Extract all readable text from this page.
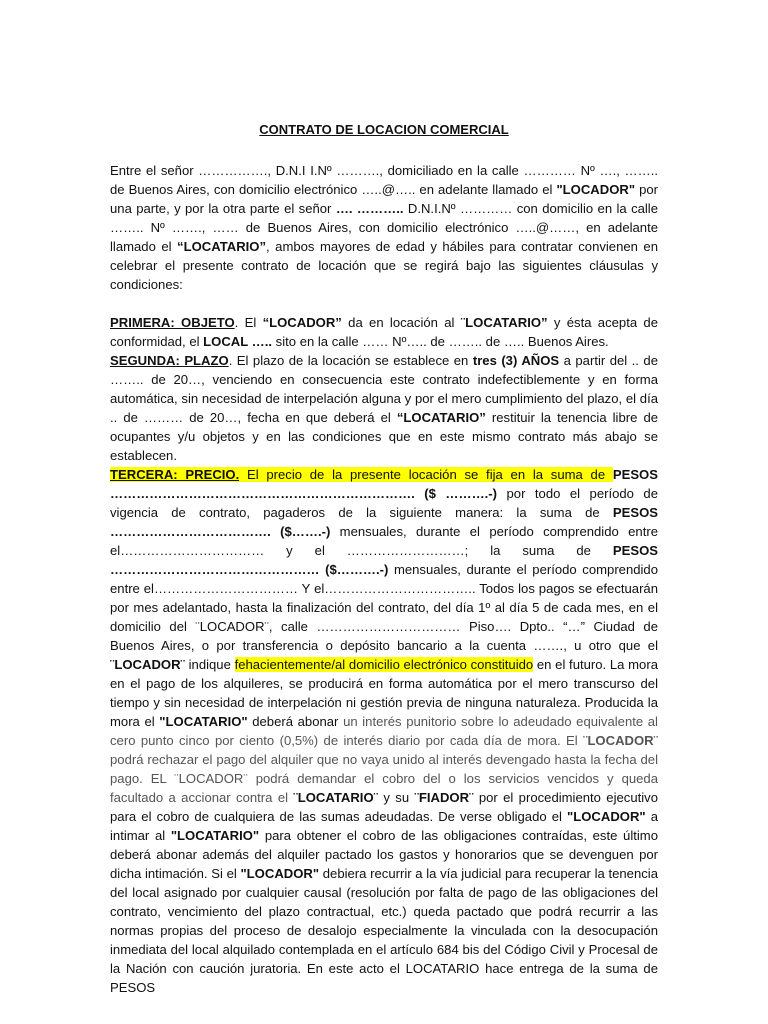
CONTRATO DE LOCACION COMERCIAL

Entre el señor ……………., D.N.I I.Nº ………., domiciliado en la calle ………… Nº …., …….. de Buenos Aires, con domicilio electrónico …..@….. en adelante llamado el "LOCADOR" por una parte, y por la otra parte el señor …. ……….. D.N.I.Nº ………… con domicilio en la calle …….. Nº ……., …… de Buenos Aires, con domicilio electrónico …..@……, en adelante llamado el “LOCATARIO”, ambos mayores de edad y hábiles para contratar convienen en celebrar el presente contrato de locación que se regirá bajo las siguientes cláusulas y condiciones:

PRIMERA: OBJETO. El “LOCADOR” da en locación al ¨LOCATARIO” y ésta acepta de conformidad, el LOCAL ….. sito en la calle …… Nº….. de …….. de ….. Buenos Aires.

SEGUNDA: PLAZO. El plazo de la locación se establece en tres (3) AÑOS a partir del .. de …….. de 20…, venciendo en consecuencia este contrato indefectiblemente y en forma automática, sin necesidad de interpelación alguna y por el mero cumplimiento del plazo, el día .. de ……… de 20…, fecha en que deberá el “LOCATARIO” restituir la tenencia libre de ocupantes y/u objetos y en las condiciones que en este mismo contrato más abajo se establecen.

TERCERA: PRECIO. El precio de la presente locación se fija en la suma de PESOS ……………………………………………………………. ($ ……….-) por todo el período de vigencia de contrato, pagaderos de la siguiente manera: la suma de PESOS ………………………………. ($…….-) mensuales, durante el período comprendido entre el…………………………… y el ………………………; la suma de PESOS ………………………………………… ($……….-) mensuales, durante el período comprendido entre el…………………………… Y el…………………………….. Todos los pagos se efectuarán por mes adelantado, hasta la finalización del contrato, del día 1º al día 5 de cada mes, en el domicilio del ¨LOCADOR¨, calle …………………………… Piso…. Dpto.. “…” Ciudad de Buenos Aires, o por transferencia o depósito bancario a la cuenta ……., u otro que el ¨LOCADOR¨ indique fehacientemente/al domicilio electrónico constituido en el futuro. La mora en el pago de los alquileres, se producirá en forma automática por el mero transcurso del tiempo y sin necesidad de interpelación ni gestión previa de ninguna naturaleza. Producida la mora el "LOCATARIO" deberá abonar un interés punitorio sobre lo adeudado equivalente al cero punto cinco por ciento (0,5%) de interés diario por cada día de mora. El ¨LOCADOR¨ podrá rechazar el pago del alquiler que no vaya unido al interés devengado hasta la fecha del pago. EL ¨LOCADOR¨ podrá demandar el cobro del o los servicios vencidos y queda facultado a accionar contra el ¨LOCATARIO¨ y su ¨FIADOR¨ por el procedimiento ejecutivo para el cobro de cualquiera de las sumas adeudadas. De verse obligado el "LOCADOR" a intimar al "LOCATARIO" para obtener el cobro de las obligaciones contraídas, este último deberá abonar además del alquiler pactado los gastos y honorarios que se devenguen por dicha intimación. Si el "LOCADOR" debiera recurrir a la vía judicial para recuperar la tenencia del local asignado por cualquier causal (resolución por falta de pago de las obligaciones del contrato, vencimiento del plazo contractual, etc.) queda pactado que podrá recurrir a las normas propias del proceso de desalojo especialmente la vinculada con la desocupación inmediata del local alquilado contemplada en el artículo 684 bis del Código Civil y Procesal de la Nación con caución juratoria. En este acto el LOCATARIO hace entrega de la suma de PESOS
